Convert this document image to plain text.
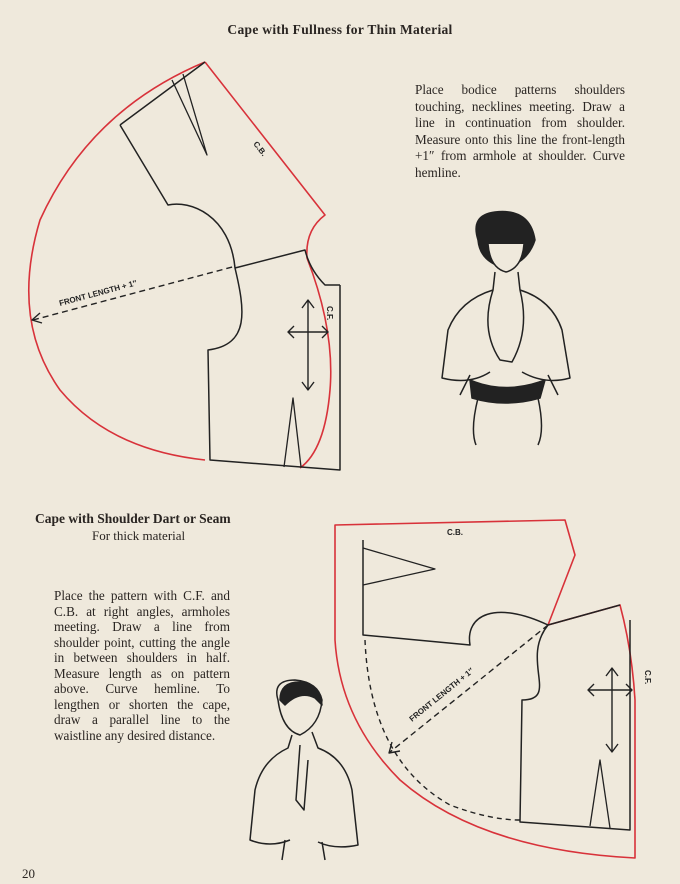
Cape with Fullness for Thin Material
Place bodice patterns shoulders touching, necklines meeting. Draw a line in continuation from shoulder. Measure onto this line the front-length +1″ from armhole at shoulder. Curve hemline.
Cape with Shoulder Dart or Seam
For thick material
Place the pattern with C.F. and C.B. at right angles, armholes meeting. Draw a line from shoulder point, cutting the angle in between shoulders in half. Measure length as on pattern above. Curve hemline. To lengthen or shorten the cape, draw a parallel line to the waistline any desired distance.
20
C.B.
C.F.
FRONT LENGTH + 1″
C.B.
C.F.
FRONT LENGTH + 1″
